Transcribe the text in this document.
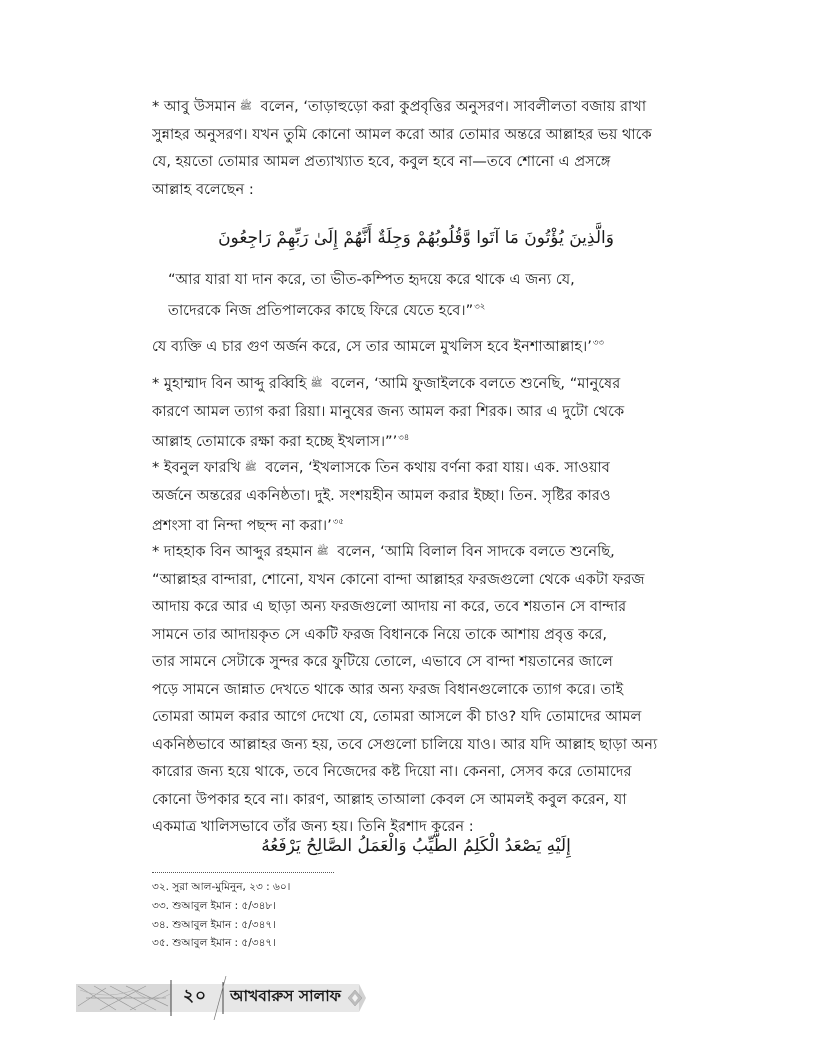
* আবু উসমান ﷺ বলেন, ‘তাড়াহুড়ো করা কুপ্রবৃত্তির অনুসরণ। সাবলীলতা বজায় রাখা
সুন্নাহর অনুসরণ। যখন তুমি কোনো আমল করো আর তোমার অন্তরে আল্লাহর ভয় থাকে
যে, হয়তো তোমার আমল প্রত্যাখ্যাত হবে, কবুল হবে না—তবে শোনো এ প্রসঙ্গে
আল্লাহ বলেছেন :

وَالَّذِينَ يُؤْتُونَ مَا آتَوا وَّقُلُوبُهُمْ وَجِلَةٌ أَنَّهُمْ إِلَىٰ رَبِّهِمْ رَاجِعُونَ

“আর যারা যা দান করে, তা ভীত-কম্পিত হৃদয়ে করে থাকে এ জন্য যে,
তাদেরকে নিজ প্রতিপালকের কাছে ফিরে যেতে হবে।”$^{৩২}$
যে ব্যক্তি এ চার গুণ অর্জন করে, সে তার আমলে মুখলিস হবে ইনশাআল্লাহ।’$^{৩৩}$
* মুহাম্মাদ বিন আব্দু রব্বিহি ﷺ বলেন, ‘আমি ফুজাইলকে বলতে শুনেছি, “মানুষের
কারণে আমল ত্যাগ করা রিয়া। মানুষের জন্য আমল করা শিরক। আর এ দুটো থেকে
আল্লাহ তোমাকে রক্ষা করা হচ্ছে ইখলাস।”’$^{৩৪}$
* ইবনুল ফারখি ﷺ বলেন, ‘ইখলাসকে তিন কথায় বর্ণনা করা যায়। এক. সাওয়াব
অর্জনে অন্তরের একনিষ্ঠতা। দুই. সংশয়হীন আমল করার ইচ্ছা। তিন. সৃষ্টির কারও
প্রশংসা বা নিন্দা পছন্দ না করা।’$^{৩৫}$
* দাহহাক বিন আব্দুর রহমান ﷺ বলেন, ‘আমি বিলাল বিন সাদকে বলতে শুনেছি,
“আল্লাহর বান্দারা, শোনো, যখন কোনো বান্দা আল্লাহর ফরজগুলো থেকে একটা ফরজ
আদায় করে আর এ ছাড়া অন্য ফরজগুলো আদায় না করে, তবে শয়তান সে বান্দার
সামনে তার আদায়কৃত সে একটি ফরজ বিধানকে নিয়ে তাকে আশায় প্রবৃত্ত করে,
তার সামনে সেটাকে সুন্দর করে ফুটিয়ে তোলে, এভাবে সে বান্দা শয়তানের জালে
পড়ে সামনে জান্নাত দেখতে থাকে আর অন্য ফরজ বিধানগুলোকে ত্যাগ করে। তাই
তোমরা আমল করার আগে দেখো যে, তোমরা আসলে কী চাও? যদি তোমাদের আমল
একনিষ্ঠভাবে আল্লাহর জন্য হয়, তবে সেগুলো চালিয়ে যাও। আর যদি আল্লাহ ছাড়া অন্য
কারোর জন্য হয়ে থাকে, তবে নিজেদের কষ্ট দিয়ো না। কেননা, সেসব করে তোমাদের
কোনো উপকার হবে না। কারণ, আল্লাহ তাআলা কেবল সে আমলই কবুল করেন, যা
একমাত্র খালিসভাবে তাঁর জন্য হয়। তিনি ইরশাদ করেন :

إِلَيْهِ يَصْعَدُ الْكَلِمُ الطَّيِّبُ وَالْعَمَلُ الصَّالِحُ يَرْفَعُهُ

৩২. সুরা আল-মুমিনুন, ২৩ : ৬০।
৩৩. শুআবুল ইমান : ৫/৩৪৮।
৩৪. শুআবুল ইমান : ৫/৩৪৭।
৩৫. শুআবুল ইমান : ৫/৩৪৭।
২০ আখবারুস সালাফ
